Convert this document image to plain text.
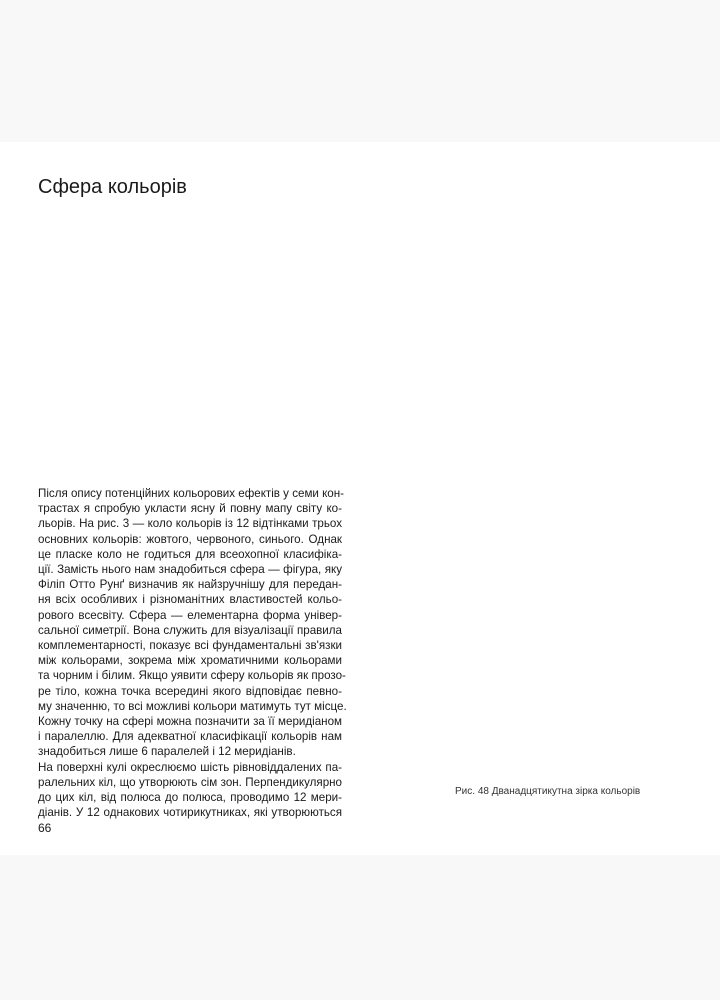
Сфера кольорів
Після опису потенційних кольорових ефектів у семи кон-
трастах я спробую укласти ясну й повну мапу світу ко-
льорів. На рис. 3 — коло кольорів із 12 відтінками трьох
основних кольорів: жовтого, червоного, синього. Однак
це пласке коло не годиться для всеохопної класифіка-
ції. Замість нього нам знадобиться сфера — фігура, яку
Філіп Отто Рунґ визначив як найзручнішу для передан-
ня всіх особливих і різноманітних властивостей кольо-
рового всесвіту. Сфера — елементарна форма універ-
сальної симетрії. Вона служить для візуалізації правила
комплементарності, показує всі фундаментальні зв'язки
між кольорами, зокрема між хроматичними кольорами
та чорним і білим. Якщо уявити сферу кольорів як прозо-
ре тіло, кожна точка всередині якого відповідає певно-
му значенню, то всі можливі кольори матимуть тут місце.
Кожну точку на сфері можна позначити за її меридіаном
і паралеллю. Для адекватної класифікації кольорів нам
знадобиться лише 6 паралелей і 12 меридіанів.
На поверхні кулі окреслюємо шість рівновіддалених па-
ралельних кіл, що утворюють сім зон. Перпендикулярно
до цих кіл, від полюса до полюса, проводимо 12 мери-
діанів. У 12 однакових чотирикутниках, які утворюються
Рис. 48 Дванадцятикутна зірка кольорів
66
